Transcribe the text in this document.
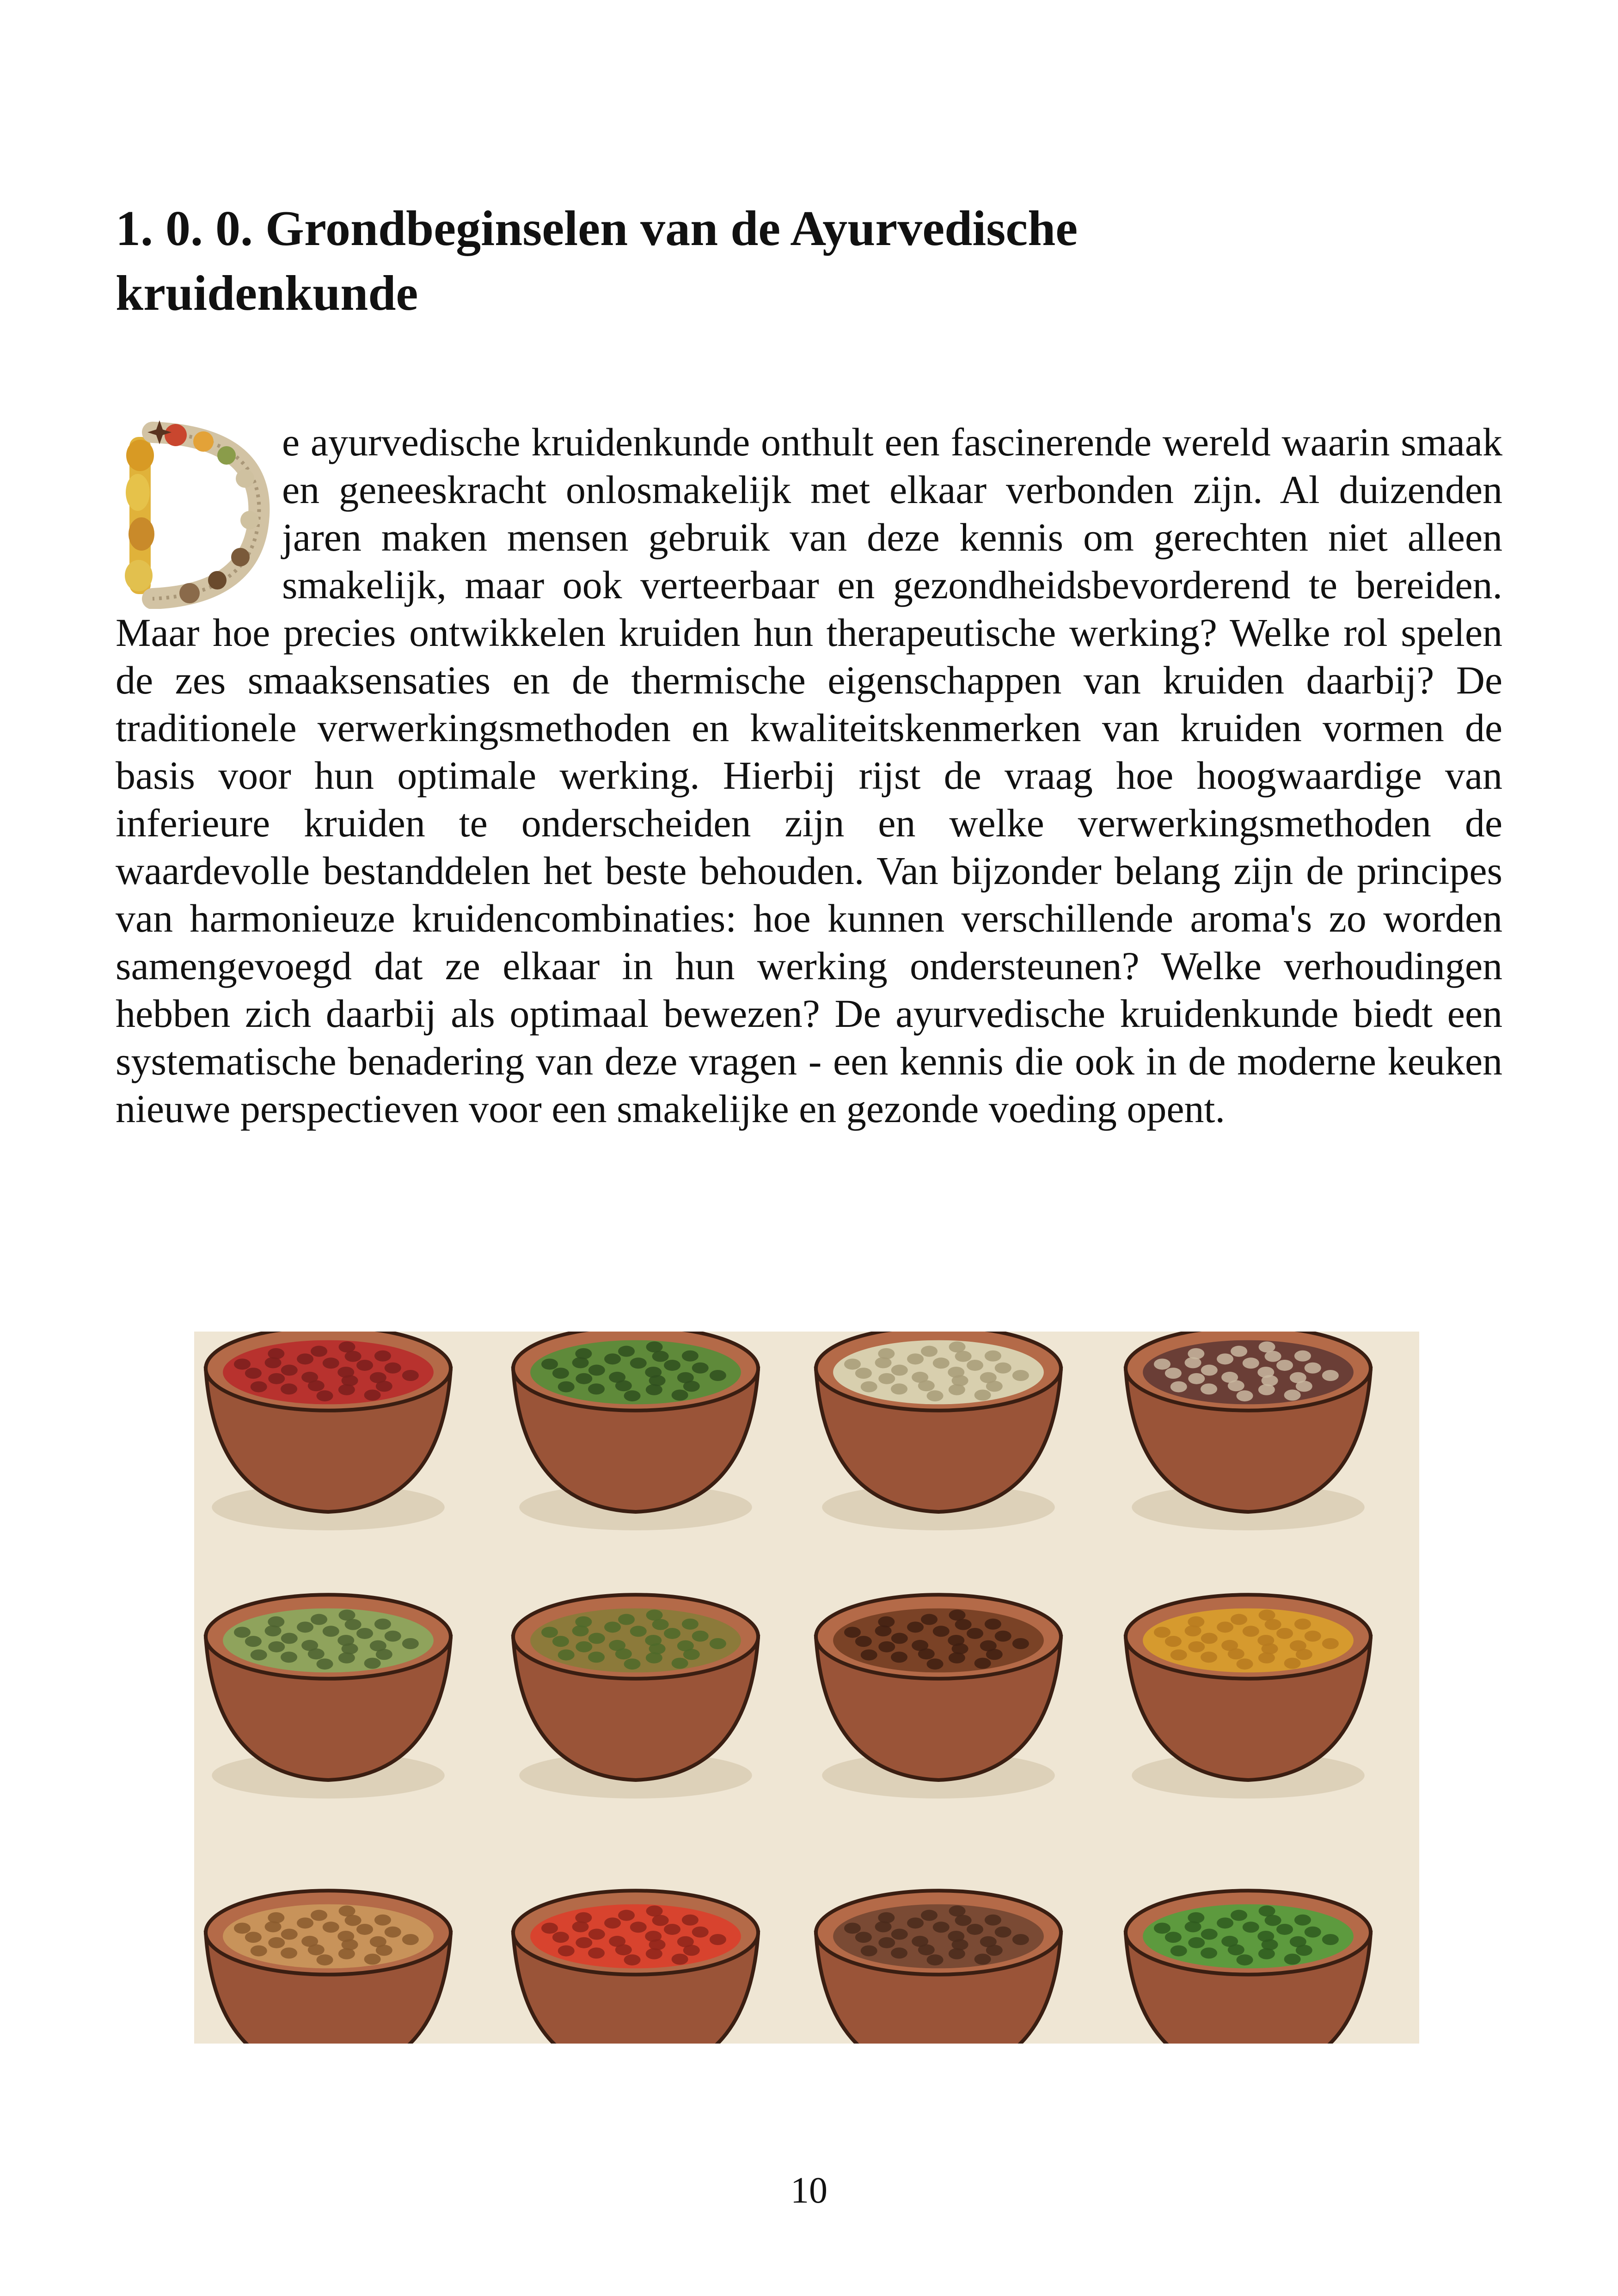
1. 0. 0. Grondbeginselen van de Ayurvedische
kruidenkunde

e ayurvedische kruidenkunde onthult een fascinerende wereld waarin smaak en geneeskracht onlosmakelijk met elkaar verbonden zijn. Al duizenden jaren maken mensen gebruik van deze kennis om gerechten niet alleen smakelijk, maar ook verteerbaar en gezondheidsbevorderend te bereiden. Maar hoe precies ontwikkelen kruiden hun therapeutische werking? Welke rol spelen de zes smaaksensaties en de thermische eigenschappen van kruiden daarbij? De traditionele verwerkingsmethoden en kwaliteitskenmerken van kruiden vormen de basis voor hun optimale werking. Hierbij rijst de vraag hoe hoogwaardige van inferieure kruiden te onderscheiden zijn en welke verwerkingsmethoden de waardevolle bestanddelen het beste behouden. Van bijzonder belang zijn de principes van harmonieuze kruidencombinaties: hoe kunnen verschillende aroma's zo worden samengevoegd dat ze elkaar in hun werking ondersteunen? Welke verhoudingen hebben zich daarbij als optimaal bewezen? De ayurvedische kruidenkunde biedt een systematische benadering van deze vragen - een kennis die ook in de moderne keuken nieuwe perspectieven voor een smakelijke en gezonde voeding opent.

10
